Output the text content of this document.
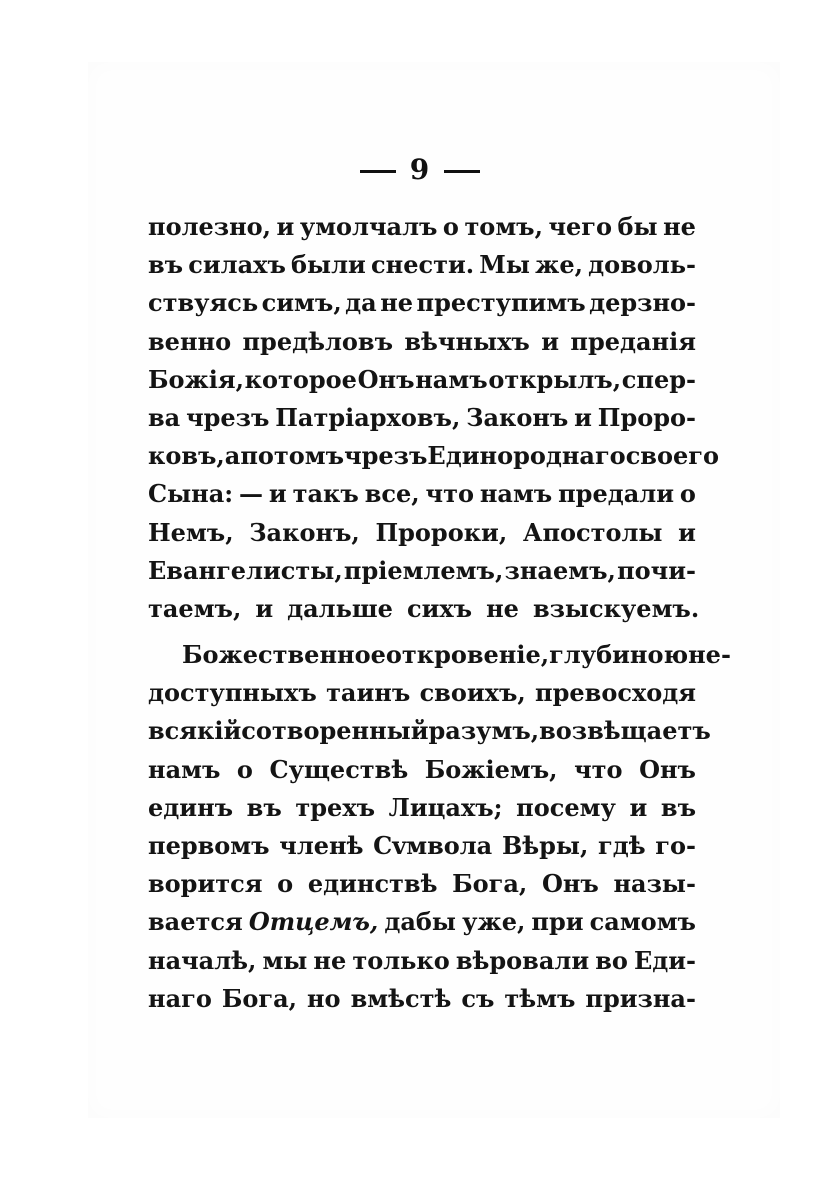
9
полезно, и умолчалъ о томъ, чего бы не
въ силахъ были снести. Мы же, доволь-
ствуясь симъ, да не преступимъ дерзно-
венно предѣловъ вѣчныхъ и преданія
Божія, которое Онъ намъ открылъ, спер-
ва чрезъ Патріарховъ, Законъ и Проро-
ковъ, а потомъ чрезъ Единороднаго своего
Сына: — и такъ все, что намъ предали о
Немъ, Законъ, Пророки, Апостолы и
Евангелисты, пріемлемъ, знаемъ, почи-
таемъ, и дальше сихъ не взыскуемъ.
Божественное откровеніе, глубиною не-
доступныхъ таинъ своихъ, превосходя
всякій сотворенный разумъ, возвѣщаетъ
намъ о Существѣ Божіемъ, что Онъ
единъ въ трехъ Лицахъ; посему и въ
первомъ членѣ Сvмвола Вѣры, гдѣ го-
ворится о единствѣ Бога, Онъ назы-
вается Отцемъ, дабы уже, при самомъ
началѣ, мы не только вѣровали во Еди-
наго Бога, но вмѣстѣ съ тѣмъ призна-
